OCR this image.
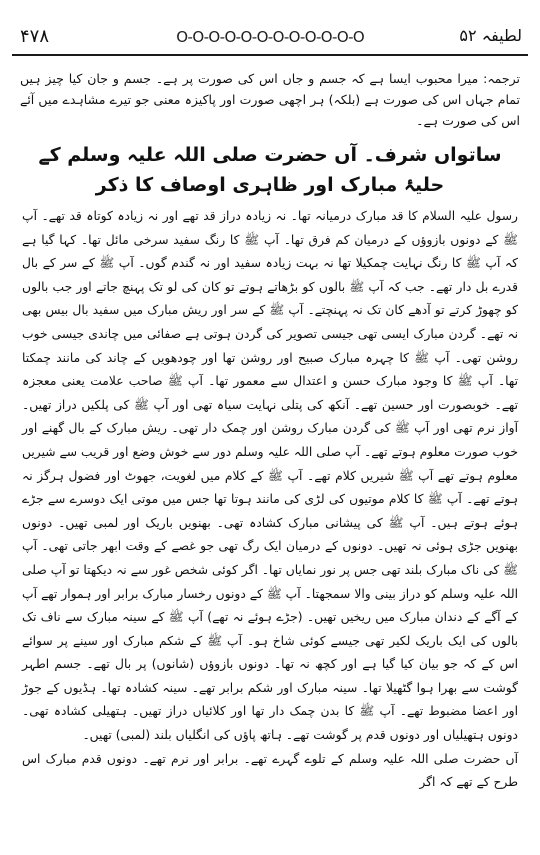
۴۷۸	O-O-O-O-O-O-O-O-O-O-O-O	لطیفہ ۵۲
ترجمہ: میرا محبوب ایسا ہے کہ جسم و جاں اس کی صورت پر ہے۔ جسم و جان کیا چیز ہیں تمام جہاں اس کی صورت ہے (بلکہ) ہر اچھی صورت اور پاکیزہ معنی جو تیرے مشاہدے میں آئے اس کی صورت ہے۔
ساتواں شرف۔ آں حضرت صلی اللہ علیہ وسلم کے حلیۂ مبارک اور ظاہری اوصاف کا ذکر

رسول علیہ السلام کا قد مبارک درمیانہ تھا۔ نہ زیادہ دراز قد تھے اور نہ زیادہ کوتاہ قد تھے۔ آپ ﷺ کے دونوں بازوؤں کے درمیان کم فرق تھا۔ آپ ﷺ کا رنگ سفید سرخی مائل تھا۔ کہا گیا ہے کہ آپ ﷺ کا رنگ نہایت چمکیلا تھا نہ بہت زیادہ سفید اور نہ گندم گوں۔ آپ ﷺ کے سر کے بال قدرے بل دار تھے۔ جب کہ آپ ﷺ بالوں کو بڑھاتے ہوتے تو کان کی لو تک پہنچ جاتے اور جب بالوں کو چھوڑ کرتے تو آدھے کان تک نہ پہنچتے۔ آپ ﷺ کے سر اور ریش مبارک میں سفید بال بیس بھی نہ تھے۔ گردن مبارک ایسی تھی جیسی تصویر کی گردن ہوتی ہے صفائی میں چاندی جیسی خوب روشن تھی۔ آپ ﷺ کا چہرہ مبارک صبیح اور روشن تھا اور چودھویں کے چاند کی مانند چمکتا تھا۔ آپ ﷺ کا وجود مبارک حسن و اعتدال سے معمور تھا۔ آپ ﷺ صاحب علامت یعنی معجزہ تھے۔ خوبصورت اور حسین تھے۔ آنکھ کی پتلی نہایت سیاہ تھی اور آپ ﷺ کی پلکیں دراز تھیں۔ آواز نرم تھی اور آپ ﷺ کی گردن مبارک روشن اور چمک دار تھی۔ ریش مبارک کے بال گھنے اور خوب صورت معلوم ہوتے تھے۔ آپ صلی اللہ علیہ وسلم دور سے خوش وضع اور قریب سے شیریں معلوم ہوتے تھے آپ ﷺ شیریں کلام تھے۔ آپ ﷺ کے کلام میں لغویت، جھوٹ اور فضول ہرگز نہ ہوتے تھے۔ آپ ﷺ کا کلام موتیوں کی لڑی کی مانند ہوتا تھا جس میں موتی ایک دوسرے سے جڑے ہوئے ہوتے ہیں۔ آپ ﷺ کی پیشانی مبارک کشادہ تھی۔ بھنویں باریک اور لمبی تھیں۔ دونوں بھنویں جڑی ہوئی نہ تھیں۔ دونوں کے درمیان ایک رگ تھی جو غصے کے وقت ابھر جاتی تھی۔ آپ ﷺ کی ناک مبارک بلند تھی جس پر نور نمایاں تھا۔ اگر کوئی شخص غور سے نہ دیکھتا تو آپ صلی اللہ علیہ وسلم کو دراز بینی والا سمجھتا۔ آپ ﷺ کے دونوں رخسار مبارک برابر اور ہموار تھے آپ کے آگے کے دندان مبارک میں ریخیں تھیں۔ (جڑے ہوئے نہ تھے) آپ ﷺ کے سینہ مبارک سے ناف تک بالوں کی ایک باریک لکیر تھی جیسے کوئی شاخ ہو۔ آپ ﷺ کے شکم مبارک اور سینے پر سوائے اس کے کہ جو بیان کیا گیا ہے اور کچھ نہ تھا۔ دونوں بازوؤں (شانوں) پر بال تھے۔ جسم اطہر گوشت سے بھرا ہوا گٹھیلا تھا۔ سینہ مبارک اور شکم برابر تھے۔ سینہ کشادہ تھا۔ ہڈیوں کے جوڑ اور اعضا مضبوط تھے۔ آپ ﷺ کا بدن چمک دار تھا اور کلائیاں دراز تھیں۔ ہتھیلی کشادہ تھی۔ دونوں ہتھیلیاں اور دونوں قدم پر گوشت تھے۔ ہاتھ پاؤں کی انگلیاں بلند (لمبی) تھیں۔

آں حضرت صلی اللہ علیہ وسلم کے تلوے گہرے تھے۔ برابر اور نرم تھے۔ دونوں قدم مبارک اس طرح کے تھے کہ اگر
